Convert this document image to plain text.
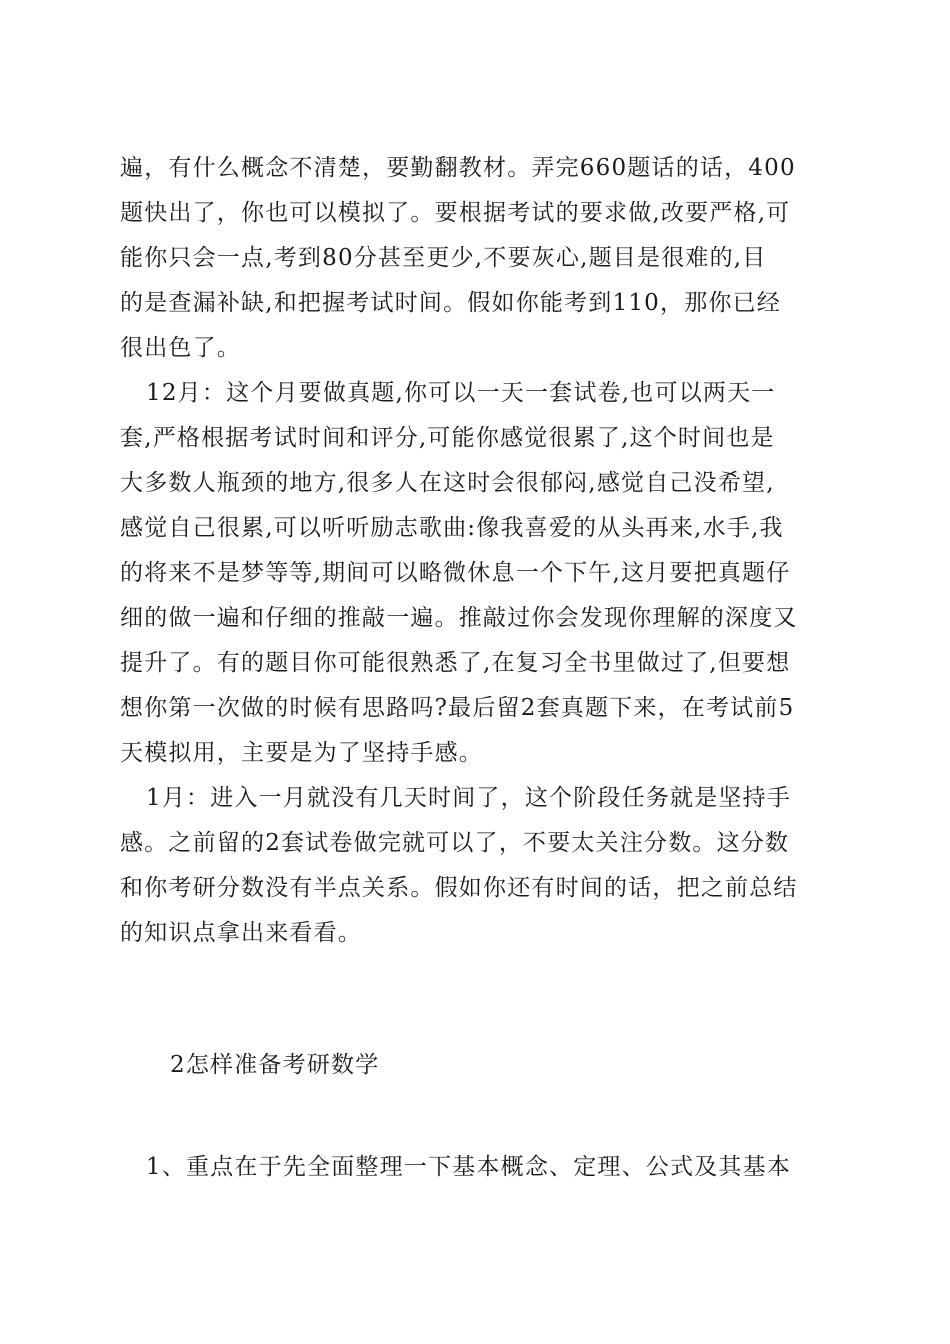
遍，有什么概念不清楚，要勤翻教材。弄完660题话的话，400
题快出了，你也可以模拟了。要根据考试的要求做,改要严格,可
能你只会一点,考到80分甚至更少,不要灰心,题目是很难的,目
的是查漏补缺,和把握考试时间。假如你能考到110，那你已经
很出色了。
12月：这个月要做真题,你可以一天一套试卷,也可以两天一
套,严格根据考试时间和评分,可能你感觉很累了,这个时间也是
大多数人瓶颈的地方,很多人在这时会很郁闷,感觉自己没希望,
感觉自己很累,可以听听励志歌曲:像我喜爱的从头再来,水手,我
的将来不是梦等等,期间可以略微休息一个下午,这月要把真题仔
细的做一遍和仔细的推敲一遍。推敲过你会发现你理解的深度又
提升了。有的题目你可能很熟悉了,在复习全书里做过了,但要想
想你第一次做的时候有思路吗?最后留2套真题下来，在考试前5
天模拟用，主要是为了坚持手感。
1月：进入一月就没有几天时间了，这个阶段任务就是坚持手
感。之前留的2套试卷做完就可以了，不要太关注分数。这分数
和你考研分数没有半点关系。假如你还有时间的话，把之前总结
的知识点拿出来看看。
2怎样准备考研数学
1、重点在于先全面整理一下基本概念、定理、公式及其基本
